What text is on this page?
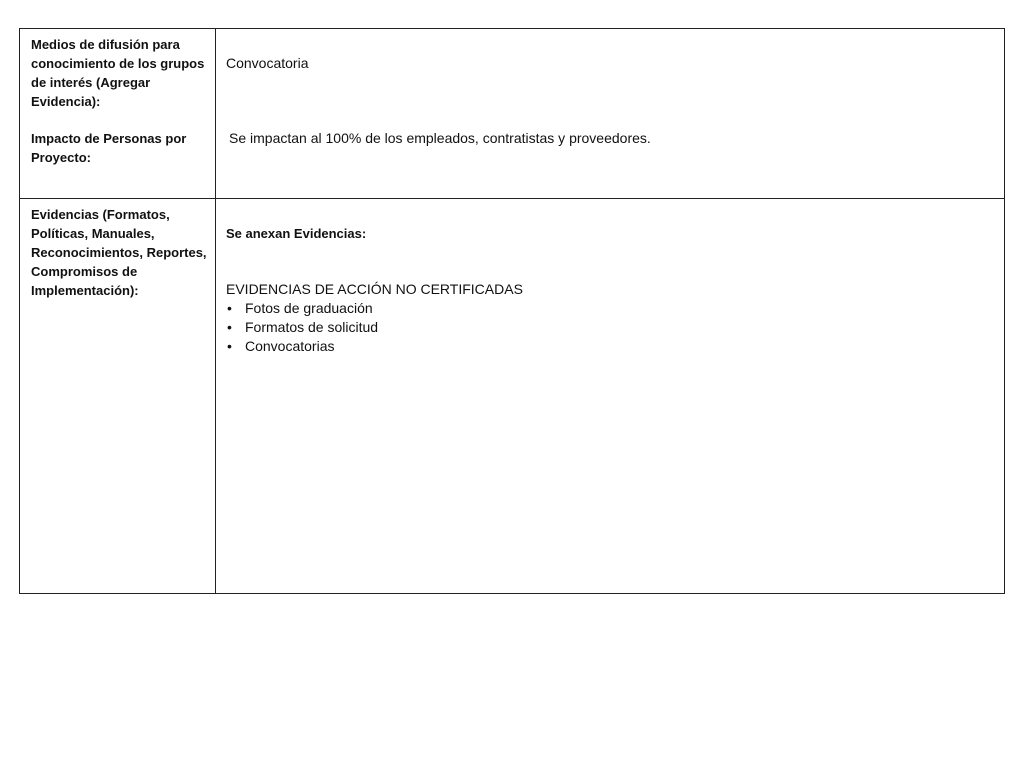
Medios de difusión para conocimiento de los grupos de interés (Agregar Evidencia):

Convocatoria

Impacto de Personas por Proyecto:

Se impactan al 100% de los empleados, contratistas y proveedores.

Evidencias (Formatos, Políticas, Manuales, Reconocimientos, Reportes, Compromisos de Implementación):

Se anexan Evidencias:

EVIDENCIAS DE ACCIÓN NO CERTIFICADAS

• Fotos de graduación
• Formatos de solicitud
• Convocatorias
